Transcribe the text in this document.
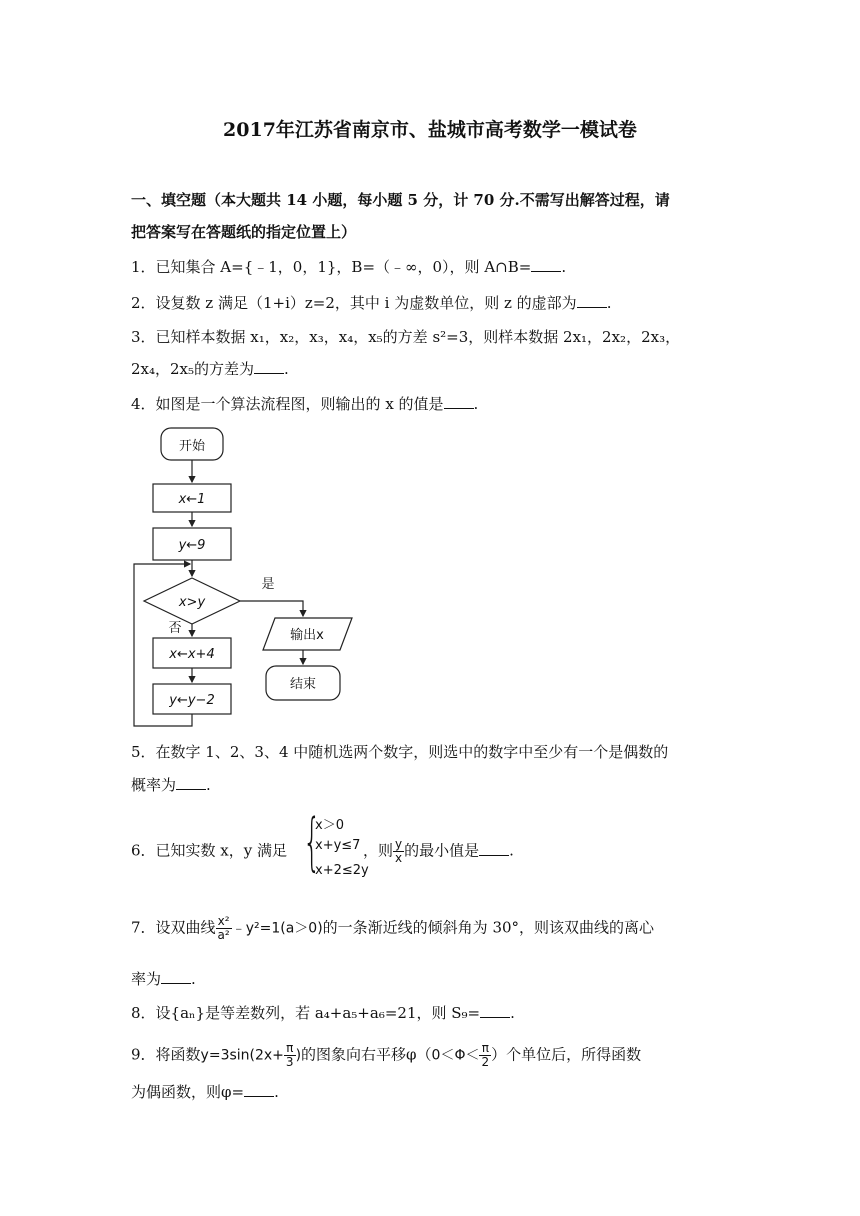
2017年江苏省南京市、盐城市高考数学一模试卷
一、填空题（本大题共 14 小题，每小题 5 分，计 70 分.不需写出解答过程，请
把答案写在答题纸的指定位置上）
1．已知集合 A={﹣1，0，1}，B=（﹣∞，0），则 A∩B= .
2．设复数 z 满足（1+i）z=2，其中 i 为虚数单位，则 z 的虚部为 .
3．已知样本数据 x₁，x₂，x₃，x₄，x₅的方差 s²=3，则样本数据 2x₁，2x₂，2x₃，
2x₄，2x₅的方差为 .
4．如图是一个算法流程图，则输出的 x 的值是 .
开始
x←1
y←9
x>y
是
否
x←x+4
y←y−2
输出x
结束
5．在数字 1、2、3、4 中随机选两个数字，则选中的数字中至少有一个是偶数的
概率为 .
6．已知实数 x，y 满足	，则 $\frac{y}{x}$ 的最小值是 .
{
x＞0
x+y≤7
x+2≤2y
7．设双曲线 $\frac{\text{x²}}{\text{a²}}$ ﹣y²=1(a＞0)的一条渐近线的倾斜角为 30°，则该双曲线的离心
率为 .
8．设{aₙ}是等差数列，若 a₄+a₅+a₆=21，则 S₉= .
9．将函数$y=3\sin(2x+ \frac{\pi}{3}$ )的图象向右平移$\varphi(0<\Phi< \frac{\pi}{2}$ ）个单位后，所得函数
为偶函数，则φ= .
